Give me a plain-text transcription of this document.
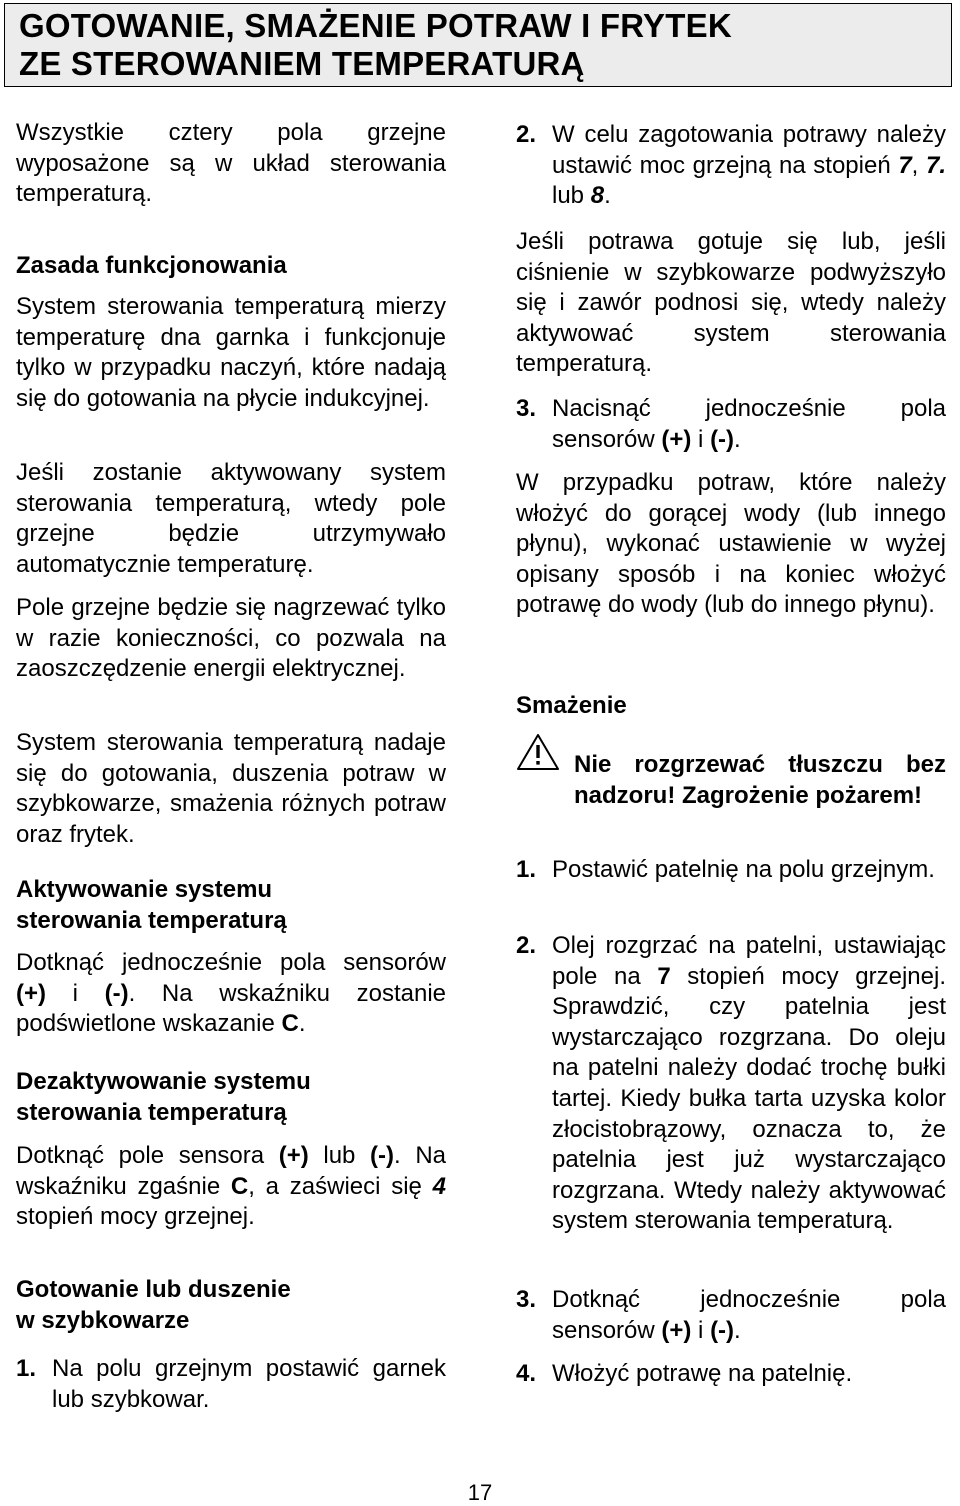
GOTOWANIE, SMAŻENIE POTRAW I FRYTEK
ZE STEROWANIEM TEMPERATURĄ
Wszystkie cztery pola grzejne wyposażone są w układ sterowania temperaturą.
Zasada funkcjonowania
System sterowania temperaturą mierzy temperaturę dna garnka i funkcjonuje tylko w przypadku naczyń, które nadają się do gotowania na płycie indukcyjnej.
Jeśli zostanie aktywowany system sterowania temperaturą, wtedy pole grzejne będzie utrzymywało automatycznie temperaturę.
Pole grzejne będzie się nagrzewać tylko w razie konieczności, co pozwala na zaoszczędzenie energii elektrycznej.
System sterowania temperaturą nadaje się do gotowania, duszenia potraw w szybkowarze, smażenia różnych potraw oraz frytek.
Aktywowanie systemu
sterowania temperaturą
Dotknąć jednocześnie pola sensorów (+) i (-). Na wskaźniku zostanie podświetlone wskazanie C.
Dezaktywowanie systemu
sterowania temperaturą
Dotknąć pole sensora (+) lub (-). Na wskaźniku zgaśnie C, a zaświeci się 4 stopień mocy grzejnej.
Gotowanie lub duszenie
w szybkowarze
1. Na polu grzejnym postawić garnek lub szybkowar.
2. W celu zagotowania potrawy należy ustawić moc grzejną na stopień 7, 7. lub 8.
Jeśli potrawa gotuje się lub, jeśli ciśnienie w szybkowarze podwyższyło się i zawór podnosi się, wtedy należy aktywować system sterowania temperaturą.
3. Nacisnąć jednocześnie pola sensorów (+) i (-).
W przypadku potraw, które należy włożyć do gorącej wody (lub innego płynu), wykonać ustawienie w wyżej opisany sposób i na koniec włożyć potrawę do wody (lub do innego płynu).
Smażenie
Nie rozgrzewać tłuszczu bez nadzoru! Zagrożenie pożarem!
1. Postawić patelnię na polu grzejnym.
2. Olej rozgrzać na patelni, ustawiając pole na 7 stopień mocy grzejnej. Sprawdzić, czy patelnia jest wystarczająco rozgrzana. Do oleju na patelni należy dodać trochę bułki tartej. Kiedy bułka tarta uzyska kolor złocistobrązowy, oznacza to, że patelnia jest już wystarczająco rozgrzana. Wtedy należy aktywować system sterowania temperaturą.
3. Dotknąć jednocześnie pola sensorów (+) i (-).
4. Włożyć potrawę na patelnię.
17
